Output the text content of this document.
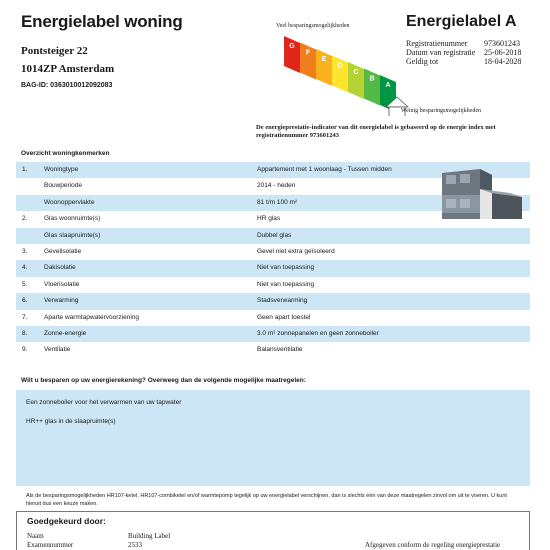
Energielabel woning
Pontsteiger 22
1014ZP Amsterdam
BAG-ID: 0363010012092083
Veel besparingsmogelijkheden
G
F
E
D
C
B
A
Weinig besparingsmogelijkheden
Energielabel A
Registratienummer 973601243
Datum van registratie 25-06-2018
Geldig tot	18-04-2028
De energieprestatie-indicator van dit energielabel is gebaseerd op de energie index met registratienummer 973601243
Overzicht woningkenmerken
1.	Woningtype	Appartement met 1 woonlaag - Tussen midden
Bouwperiode	2014 - heden
Woonoppervlakte	81 t/m 100 m²
2.	Glas woonruimte(s)	HR glas
Glas slaapruimte(s)	Dubbel glas
3.	Gevelisolatie	Gevel niet extra geïsoleerd
4.	Dakisolatie	Niet van toepassing
5.	Vloerisolatie	Niet van toepassing
6.	Verwarming	Stadsverwarming
7.	Aparte warmtapwatervoorziening	Geen apart toestel
8.	Zonne-energie	3.0 m² zonnepanelen en geen zonneboiler
9.	Ventilatie	Balansventilatie
Wilt u besparen op uw energierekening? Overweeg dan de volgende mogelijke maatregelen:
Een zonneboiler voor het verwarmen van uw tapwater
HR++ glas in de slaapruimte(s)
Als de besparingsmogelijkheden HR107-ketel, HR107-combiketel en/of warmtepomp tegelijk op uw energielabel verschijnen, dan is slechts één van deze maatregelen zinvol om uit te voeren. U kunt hieruit dus een keuze maken.
Goedgekeurd door:
Naam	Building Label
Examennummer	2533	Afgegeven conform de regeling energieprestatie
